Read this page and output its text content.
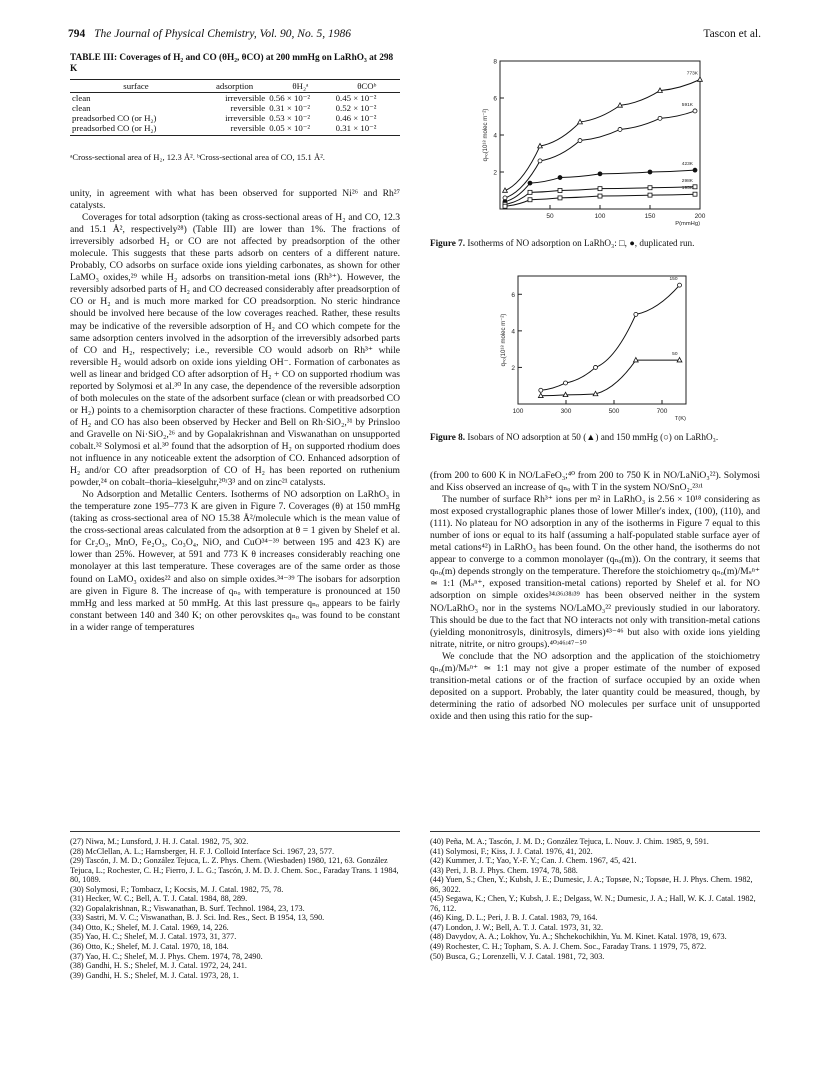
794 The Journal of Physical Chemistry, Vol. 90, No. 5, 1986	Tascon et al.
TABLE III: Coverages of H₂ and CO (θH₂, θCO) at 200 mmHg on LaRhO₃ at 298 K
surface	adsorption	θH₂ᵃ	θCOᵇ
clean	irreversible	0.56 × 10⁻²	0.45 × 10⁻²
clean	reversible	0.31 × 10⁻²	0.52 × 10⁻²
preadsorbed CO (or H₂)	irreversible	0.53 × 10⁻²	0.46 × 10⁻²
preadsorbed CO (or H₂)	reversible	0.05 × 10⁻²	0.31 × 10⁻²
ᵃCross-sectional area of H₂, 12.3 Å². ᵇCross-sectional area of CO, 15.1 Å².

unity, in agreement with what has been observed for supported Ni²⁶ and Rh²⁷ catalysts.

Coverages for total adsorption (taking as cross-sectional areas of H₂ and CO, 12.3 and 15.1 Å², respectively²⁸) (Table III) are lower than 1%. The fractions of irreversibly adsorbed H₂ or CO are not affected by preadsorption of the other molecule. This suggests that these parts adsorb on centers of a different nature. Probably, CO adsorbs on surface oxide ions yielding carbonates, as shown for other LaMO₃ oxides,²⁹ while H₂ adsorbs on transition-metal ions (Rh³⁺). However, the reversibly adsorbed parts of H₂ and CO decreased considerably after preadsorption of CO or H₂ and is much more marked for CO preadsorption. No steric hindrance should be involved here because of the low coverages reached. Rather, these results may be indicative of the reversible adsorption of H₂ and CO which compete for the same adsorption centers involved in the adsorption of the irreversibly adsorbed parts of CO and H₂, respectively; i.e., reversible CO would adsorb on Rh³⁺ while reversible H₂ would adsorb on oxide ions yielding OH⁻. Formation of carbonates as well as linear and bridged CO after adsorption of H₂ + CO on supported rhodium was reported by Solymosi et al.³⁰ In any case, the dependence of the reversible adsorption of both molecules on the state of the adsorbent surface (clean or with preadsorbed CO or H₂) points to a chemisorption character of these fractions. Competitive adsorption of H₂ and CO has also been observed by Hecker and Bell on Rh·SiO₂,³¹ by Prinsloo and Gravelle on Ni·SiO₂,²⁶ and by Gopalakrishnan and Viswanathan on unsupported cobalt.³² Solymosi et al.³⁰ found that the adsorption of H₂ on supported rhodium does not influence in any noticeable extent the adsorption of CO. Enhanced adsorption of H₂ and/or CO after preadsorption of CO of H₂ has been reported on ruthenium powder,²⁴ on cobalt–thoria–kieselguhr,²⁰ʴ3³ and on zinc²¹ catalysts.

No Adsorption and Metallic Centers. Isotherms of NO adsorption on LaRhO₃ in the temperature zone 195–773 K are given in Figure 7. Coverages (θ) at 150 mmHg (taking as cross-sectional area of NO 15.38 Å²/molecule which is the mean value of the cross-sectional areas calculated from the adsorption at θ = 1 given by Shelef et al. for Cr₂O₃, MnO, Fe₂O₃, Co₃O₄, NiO, and CuO³⁴⁻³⁹ between 195 and 423 K) are lower than 25%. However, at 591 and 773 K θ increases considerably reaching one monolayer at this last temperature. These coverages are of the same order as those found on LaMO₃ oxides²² and also on simple oxides.³⁴⁻³⁹ The isobars for adsorption are given in Figure 8. The increase of qₙₒ with temperature is pronounced at 150 mmHg and less marked at 50 mmHg. At this last pressure qₙₒ appears to be fairly constant between 140 and 340 K; on other perovskites qₙₒ was found to be constant in a wider range of temperatures

50	100	150	200
2
4
6
8
P(mmHg)
qₙₒ(10¹⁸ molec m⁻²)
773K
591K
423K
298K
195K
Figure 7. Isotherms of NO adsorption on LaRhO₃: □, ●, duplicated run.
100	300	500	700
2
4
6
T(K)
qₙₒ(10¹⁸ molec m⁻²)
150
50
Figure 8. Isobars of NO adsorption at 50 (▲) and 150 mmHg (○) on LaRhO₃.

(from 200 to 600 K in NO/LaFeO₃;⁴⁰ from 200 to 750 K in NO/LaNiO₃²²). Solymosi and Kiss observed an increase of qₙₒ with T in the system NO/SnO₂.²³ʴ¹

The number of surface Rh³⁺ ions per m² in LaRhO₃ is 2.56 × 10¹⁸ considering as most exposed crystallographic planes those of lower Miller's index, (100), (110), and (111). No plateau for NO adsorption in any of the isotherms in Figure 7 equal to this number of ions or equal to its half (assuming a half-populated stable surface ayer of metal cations⁴²) in LaRhO₃ has been found. On the other hand, the isotherms do not appear to converge to a common monolayer (qₙₒ(m)). On the contrary, it seems that qₙₒ(m) depends strongly on the temperature. Therefore the stoichiometry qₙₒ(m)/Mₛⁿ⁺ ≃ 1:1 (Mₛⁿ⁺, exposed transition-metal cations) reported by Shelef et al. for NO adsorption on simple oxides³⁴ʴ³⁶ʴ³⁸ʴ³⁹ has been observed neither in the system NO/LaRhO₃ nor in the systems NO/LaMO₃²² previously studied in our laboratory. This should be due to the fact that NO interacts not only with transition-metal cations (yielding mononitrosyls, dinitrosyls, dimers)⁴³⁻⁴⁶ but also with oxide ions yielding nitrate, nitrite, or nitro groups).⁴⁰ʴ⁴⁶ʴ⁴⁷⁻⁵⁰

We conclude that the NO adsorption and the application of the stoichiometry qₙₒ(m)/Mₛⁿ⁺ ≃ 1:1 may not give a proper estimate of the number of exposed transition-metal cations or of the fraction of surface occupied by an oxide when deposited on a support. Probably, the later quantity could be measured, though, by determining the ratio of adsorbed NO molecules per surface unit of unsupported oxide and then using this ratio for the sup-

(27) Niwa, M.; Lunsford, J. H. J. Catal. 1982, 75, 302.
(28) McClellan, A. L.; Harnsberger, H. F. J. Colloid Interface Sci. 1967, 23, 577.
(29) Tascón, J. M. D.; González Tejuca, L. Z. Phys. Chem. (Wiesbaden) 1980, 121, 63. González Tejuca, L.; Rochester, C. H.; Fierro, J. L. G.; Tascón, J. M. D. J. Chem. Soc., Faraday Trans. 1 1984, 80, 1089.
(30) Solymosi, F.; Tombacz, I.; Kocsis, M. J. Catal. 1982, 75, 78.
(31) Hecker, W. C.; Bell, A. T. J. Catal. 1984, 88, 289.
(32) Gopalakrishnan, R.; Viswanathan, B. Surf. Technol. 1984, 23, 173.
(33) Sastri, M. V. C.; Viswanathan, B. J. Sci. Ind. Res., Sect. B 1954, 13, 590.
(34) Otto, K.; Shelef, M. J. Catal. 1969, 14, 226.
(35) Yao, H. C.; Shelef, M. J. Catal. 1973, 31, 377.
(36) Otto, K.; Shelef, M. J. Catal. 1970, 18, 184.
(37) Yao, H. C.; Shelef, M. J. Phys. Chem. 1974, 78, 2490.
(38) Gandhi, H. S.; Shelef, M. J. Catal. 1972, 24, 241.
(39) Gandhi, H. S.; Shelef, M. J. Catal. 1973, 28, 1.
(40) Peña, M. A.; Tascón, J. M. D.; González Tejuca, L. Nouv. J. Chim. 1985, 9, 591.
(41) Solymosi, F.; Kiss, J. J. Catal. 1976, 41, 202.
(42) Kummer, J. T.; Yao, Y.-F. Y.; Can. J. Chem. 1967, 45, 421.
(43) Peri, J. B. J. Phys. Chem. 1974, 78, 588.
(44) Yuen, S.; Chen, Y.; Kubsh, J. E.; Dumesic, J. A.; Topsøe, N.; Topsøe, H. J. Phys. Chem. 1982, 86, 3022.
(45) Segawa, K.; Chen, Y.; Kubsh, J. E.; Delgass, W. N.; Dumesic, J. A.; Hall, W. K. J. Catal. 1982, 76, 112.
(46) King, D. L.; Peri, J. B. J. Catal. 1983, 79, 164.
(47) London, J. W.; Bell, A. T. J. Catal. 1973, 31, 32.
(48) Davydov, A. A.; Lokhov, Yu. A.; Shchekochikhin, Yu. M. Kinet. Katal. 1978, 19, 673.
(49) Rochester, C. H.; Topham, S. A. J. Chem. Soc., Faraday Trans. 1 1979, 75, 872.
(50) Busca, G.; Lorenzelli, V. J. Catal. 1981, 72, 303.
